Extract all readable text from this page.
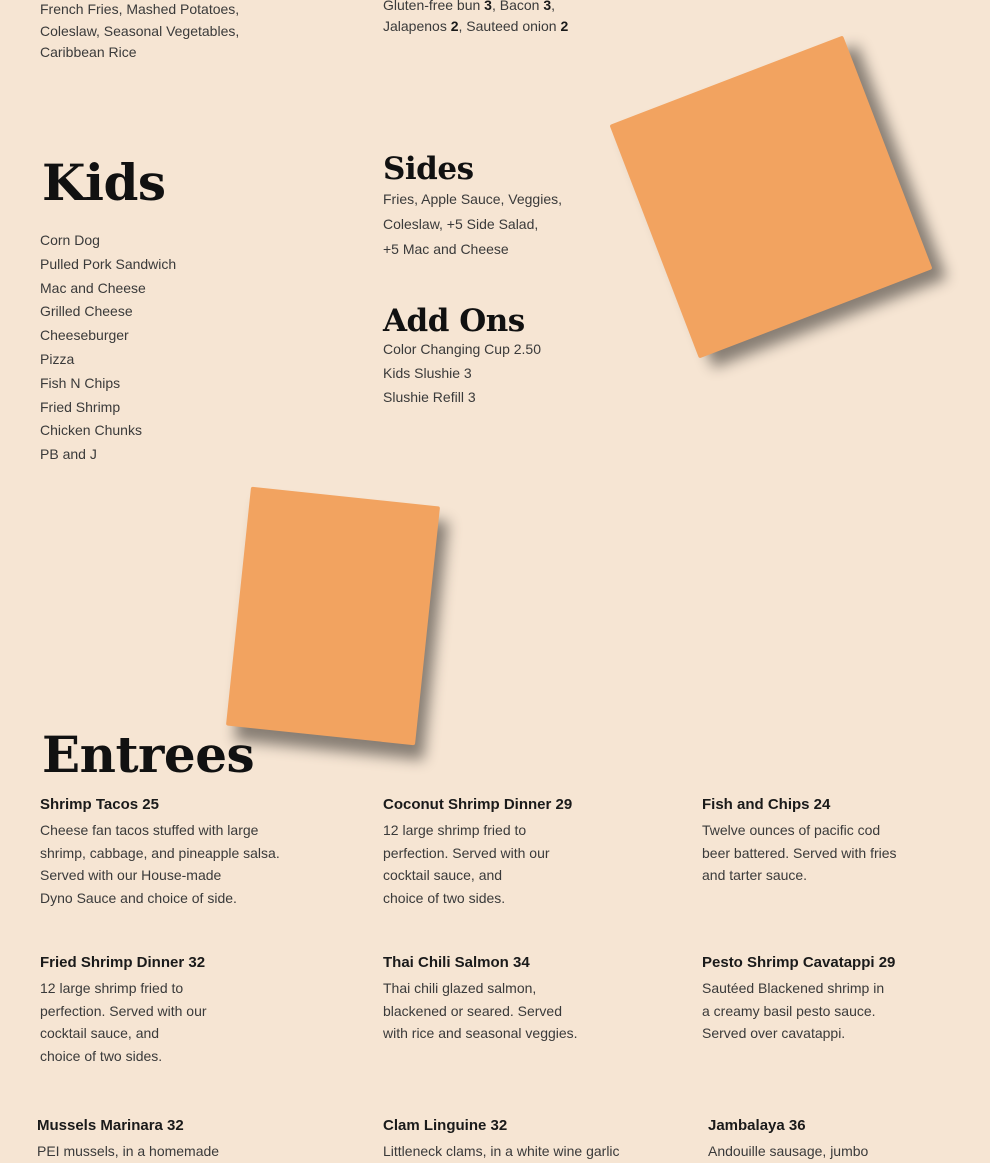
French Fries, Mashed Potatoes,
Coleslaw, Seasonal Vegetables,
Caribbean Rice
Gluten-free bun 3, Bacon 3,
Jalapenos 2, Sauteed onion 2
Kids
Corn Dog
Pulled Pork Sandwich
Mac and Cheese
Grilled Cheese
Cheeseburger
Pizza
Fish N Chips
Fried Shrimp
Chicken Chunks
PB and J
Sides
Fries, Apple Sauce, Veggies,
Coleslaw, +5 Side Salad,
+5 Mac and Cheese
Add Ons
Color Changing Cup 2.50
Kids Slushie 3
Slushie Refill 3
Entrees
Shrimp Tacos 25
Cheese fan tacos stuffed with large
shrimp, cabbage, and pineapple salsa.
Served with our House-made
Dyno Sauce and choice of side.
Coconut Shrimp Dinner 29
12 large shrimp fried to
perfection. Served with our
cocktail sauce, and
choice of two sides.
Fish and Chips 24
Twelve ounces of pacific cod
beer battered. Served with fries
and tarter sauce.
Fried Shrimp Dinner 32
12 large shrimp fried to
perfection. Served with our
cocktail sauce, and
choice of two sides.
Thai Chili Salmon 34
Thai chili glazed salmon,
blackened or seared. Served
with rice and seasonal veggies.
Pesto Shrimp Cavatappi 29
Sautéed Blackened shrimp in
a creamy basil pesto sauce.
Served over cavatappi.
Mussels Marinara 32
PEI mussels, in a homemade
Clam Linguine 32
Littleneck clams, in a white wine garlic
Jambalaya 36
Andouille sausage, jumbo
